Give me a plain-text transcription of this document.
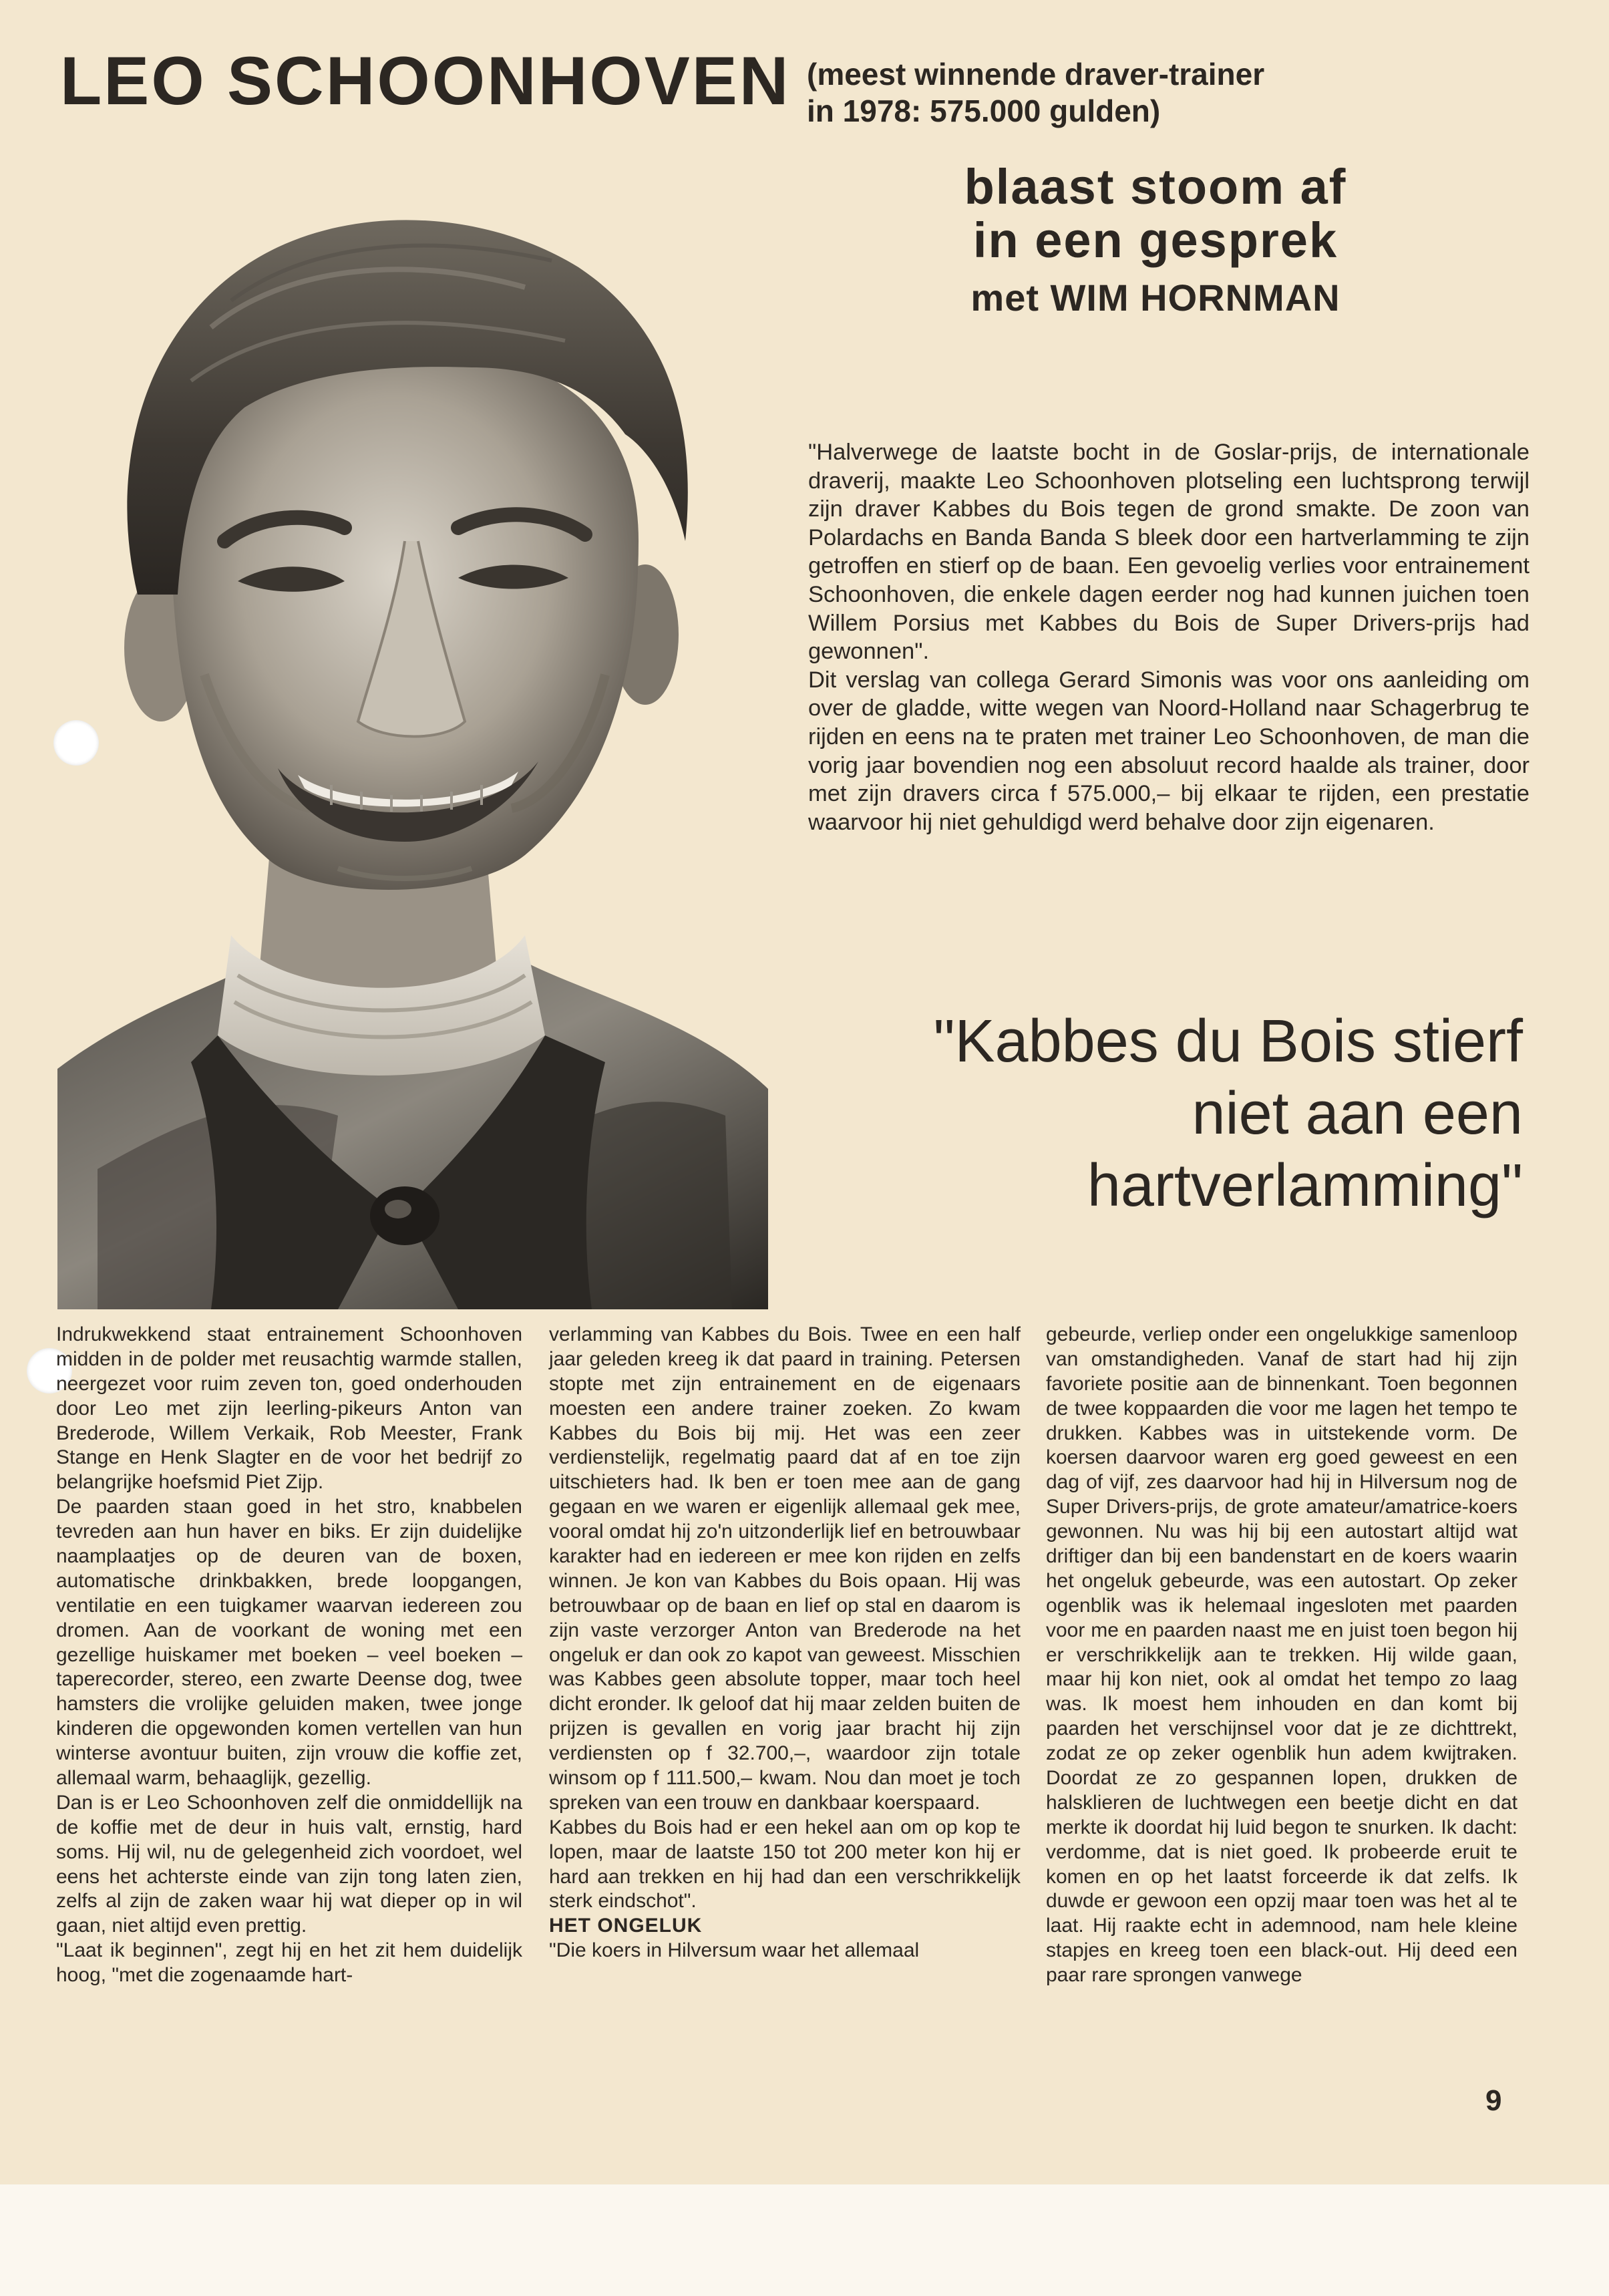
LEO SCHOONHOVEN (meest winnende draver-trainer
in 1978: 575.000 gulden)
blaast stoom af
in een gesprek
met WIM HORNMAN

"Halverwege de laatste bocht in de Goslar-prijs, de internationale draverij, maakte Leo Schoonhoven plotseling een luchtsprong terwijl zijn draver Kabbes du Bois tegen de grond smakte. De zoon van Polardachs en Banda Banda S bleek door een hartverlamming te zijn getroffen en stierf op de baan. Een gevoelig verlies voor entrainement Schoonhoven, die enkele dagen eerder nog had kunnen juichen toen Willem Porsius met Kabbes du Bois de Super Drivers-prijs had gewonnen".

Dit verslag van collega Gerard Simonis was voor ons aanleiding om over de gladde, witte wegen van Noord-Holland naar Schagerbrug te rijden en eens na te praten met trainer Leo Schoonhoven, de man die vorig jaar bovendien nog een absoluut record haalde als trainer, door met zijn dravers circa f 575.000,– bij elkaar te rijden, een prestatie waarvoor hij niet gehuldigd werd behalve door zijn eigenaren.

"Kabbes du Bois stierf
niet aan een
hartverlamming"

Indrukwekkend staat entrainement Schoonhoven midden in de polder met reusachtig warmde stallen, neergezet voor ruim zeven ton, goed onderhouden door Leo met zijn leerling-pikeurs Anton van Brederode, Willem Verkaik, Rob Meester, Frank Stange en Henk Slagter en de voor het bedrijf zo belangrijke hoefsmid Piet Zijp.

De paarden staan goed in het stro, knabbelen tevreden aan hun haver en biks. Er zijn duidelijke naamplaatjes op de deuren van de boxen, automatische drinkbakken, brede loopgangen, ventilatie en een tuigkamer waarvan iedereen zou dromen. Aan de voorkant de woning met een gezellige huiskamer met boeken – veel boeken – taperecorder, stereo, een zwarte Deense dog, twee hamsters die vrolijke geluiden maken, twee jonge kinderen die opgewonden komen vertellen van hun winterse avontuur buiten, zijn vrouw die koffie zet, allemaal warm, behaaglijk, gezellig.

Dan is er Leo Schoonhoven zelf die onmiddellijk na de koffie met de deur in huis valt, ernstig, hard soms. Hij wil, nu de gelegenheid zich voordoet, wel eens het achterste einde van zijn tong laten zien, zelfs al zijn de zaken waar hij wat dieper op in wil gaan, niet altijd even prettig.

"Laat ik beginnen", zegt hij en het zit hem duidelijk hoog, "met die zogenaamde hart-

verlamming van Kabbes du Bois. Twee en een half jaar geleden kreeg ik dat paard in training. Petersen stopte met zijn entrainement en de eigenaars moesten een andere trainer zoeken. Zo kwam Kabbes du Bois bij mij. Het was een zeer verdienstelijk, regelmatig paard dat af en toe zijn uitschieters had. Ik ben er toen mee aan de gang gegaan en we waren er eigenlijk allemaal gek mee, vooral omdat hij zo'n uitzonderlijk lief en betrouwbaar karakter had en iedereen er mee kon rijden en zelfs winnen. Je kon van Kabbes du Bois opaan. Hij was betrouwbaar op de baan en lief op stal en daarom is zijn vaste verzorger Anton van Brederode na het ongeluk er dan ook zo kapot van geweest. Misschien was Kabbes geen absolute topper, maar toch heel dicht eronder. Ik geloof dat hij maar zelden buiten de prijzen is gevallen en vorig jaar bracht hij zijn verdiensten op f 32.700,–, waardoor zijn totale winsom op f 111.500,– kwam. Nou dan moet je toch spreken van een trouw en dankbaar koerspaard.

Kabbes du Bois had er een hekel aan om op kop te lopen, maar de laatste 150 tot 200 meter kon hij er hard aan trekken en hij had dan een verschrikkelijk sterk eindschot".

HET ONGELUK

"Die koers in Hilversum waar het allemaal

gebeurde, verliep onder een ongelukkige samenloop van omstandigheden. Vanaf de start had hij zijn favoriete positie aan de binnenkant. Toen begonnen de twee koppaarden die voor me lagen het tempo te drukken. Kabbes was in uitstekende vorm. De koersen daarvoor waren erg goed geweest en een dag of vijf, zes daarvoor had hij in Hilversum nog de Super Drivers-prijs, de grote amateur/amatrice-koers gewonnen. Nu was hij bij een autostart altijd wat driftiger dan bij een bandenstart en de koers waarin het ongeluk gebeurde, was een autostart. Op zeker ogenblik was ik helemaal ingesloten met paarden voor me en paarden naast me en juist toen begon hij er verschrikkelijk aan te trekken. Hij wilde gaan, maar hij kon niet, ook al omdat het tempo zo laag was. Ik moest hem inhouden en dan komt bij paarden het verschijnsel voor dat je ze dichttrekt, zodat ze op zeker ogenblik hun adem kwijtraken. Doordat ze zo gespannen lopen, drukken de halsklieren de luchtwegen een beetje dicht en dat merkte ik doordat hij luid begon te snurken. Ik dacht: verdomme, dat is niet goed. Ik probeerde eruit te komen en op het laatst forceerde ik dat zelfs. Ik duwde er gewoon een opzij maar toen was het al te laat. Hij raakte echt in ademnood, nam hele kleine stapjes en kreeg toen een black-out. Hij deed een paar rare sprongen vanwege

9
